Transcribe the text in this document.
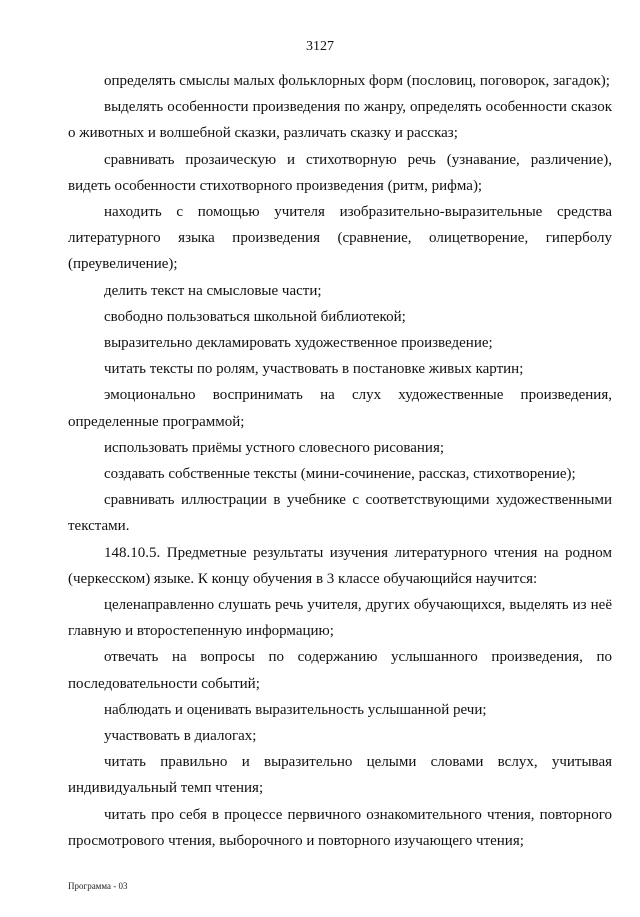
3127

определять смыслы малых фольклорных форм (пословиц, поговорок, загадок);

выделять особенности произведения по жанру, определять особенности сказок о животных и волшебной сказки, различать сказку и рассказ;

сравнивать прозаическую и стихотворную речь (узнавание, различение), видеть особенности стихотворного произведения (ритм, рифма);

находить с помощью учителя изобразительно-выразительные средства литературного языка произведения (сравнение, олицетворение, гиперболу (преувеличение);

делить текст на смысловые части;

свободно пользоваться школьной библиотекой;

выразительно декламировать художественное произведение;

читать тексты по ролям, участвовать в постановке живых картин;

эмоционально воспринимать на слух художественные произведения, определенные программой;

использовать приёмы устного словесного рисования;

создавать собственные тексты (мини-сочинение, рассказ, стихотворение);

сравнивать иллюстрации в учебнике с соответствующими художественными текстами.

148.10.5. Предметные результаты изучения литературного чтения на родном (черкесском) языке. К концу обучения в 3 классе обучающийся научится:

целенаправленно слушать речь учителя, других обучающихся, выделять из неё главную и второстепенную информацию;

отвечать на вопросы по содержанию услышанного произведения, по последовательности событий;

наблюдать и оценивать выразительность услышанной речи;

участвовать в диалогах;

читать правильно и выразительно целыми словами вслух, учитывая индивидуальный темп чтения;

читать про себя в процессе первичного ознакомительного чтения, повторного просмотрового чтения, выборочного и повторного изучающего чтения;

Программа - 03
